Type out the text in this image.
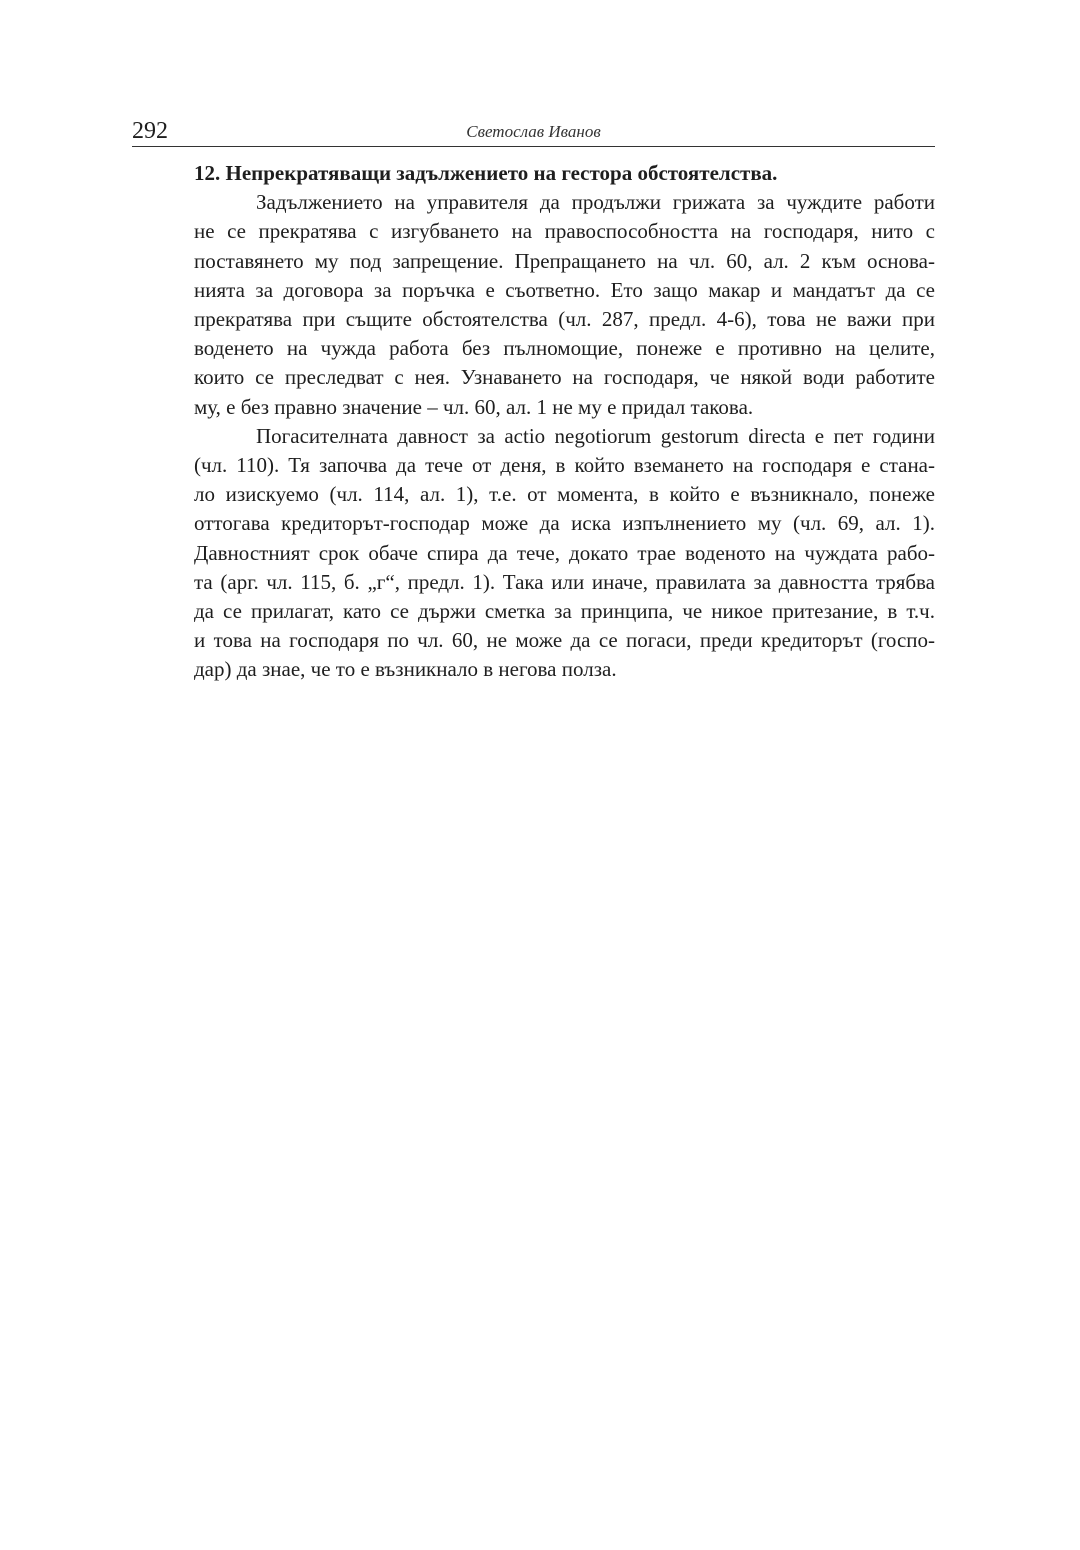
292	Светослав Иванов

12. Непрекратяващи задължението на гестора обстоятелства.

Задължението на управителя да продължи грижата за чуждите работи
не се прекратява с изгубването на правоспособността на господаря, нито с
поставянето му под запрещение. Препращането на чл. 60, ал. 2 към основа-
нията за договора за поръчка е съответно. Ето защо макар и мандатът да се
прекратява при същите обстоятелства (чл. 287, предл. 4-6), това не важи при
воденето на чужда работа без пълномощие, понеже е противно на целите,
които се преследват с нея. Узнаването на господаря, че някой води работите
му, е без правно значение – чл. 60, ал. 1 не му е придал такова.

Погасителната давност за actio negotiorum gestorum directa е пет години
(чл. 110). Тя започва да тече от деня, в който вземането на господаря е стана-
ло изискуемо (чл. 114, ал. 1), т.е. от момента, в който е възникнало, понеже
оттогава кредиторът-господар може да иска изпълнението му (чл. 69, ал. 1).
Давностният срок обаче спира да тече, докато трае воденото на чуждата рабо-
та (арг. чл. 115, б. „г“, предл. 1). Така или иначе, правилата за давността трябва
да се прилагат, като се държи сметка за принципа, че никое притезание, в т.ч.
и това на господаря по чл. 60, не може да се погаси, преди кредиторът (госпо-
дар) да знае, че то е възникнало в негова полза.
